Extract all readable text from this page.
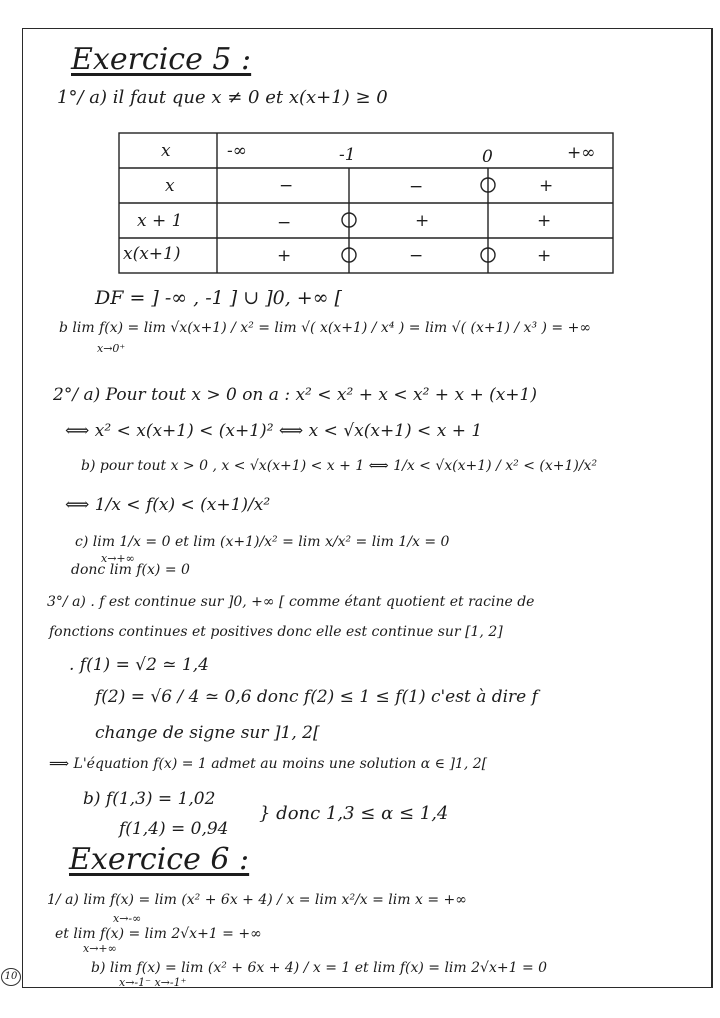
Exercice 5 :
1°/ a) il faut que x ≠ 0 et x(x+1) ≥ 0
x	-∞	-1	0	+∞
x	−	−	+
x + 1	−	+	+
x(x+1)	+	−	+
DF = ] -∞ , -1 ] ∪ ]0, +∞ [
b lim f(x) = lim √x(x+1) / x² = lim √( x(x+1) / x⁴ ) = lim √( (x+1) / x³ ) = +∞
x→0⁺
2°/ a) Pour tout x > 0 on a : x² < x² + x < x² + x + (x+1)
⟺ x² < x(x+1) < (x+1)² ⟺ x < √x(x+1) < x + 1
b) pour tout x > 0 , x < √x(x+1) < x + 1 ⟺ 1/x < √x(x+1) / x² < (x+1)/x²
⟺ 1/x < f(x) < (x+1)/x²
c) lim 1/x = 0 et lim (x+1)/x² = lim x/x² = lim 1/x = 0
x→+∞
donc lim f(x) = 0
3°/ a) . f est continue sur ]0, +∞ [ comme étant quotient et racine de
fonctions continues et positives donc elle est continue sur [1, 2]
. f(1) = √2 ≃ 1,4
f(2) = √6 / 4 ≃ 0,6 donc f(2) ≤ 1 ≤ f(1) c'est à dire f
change de signe sur ]1, 2[
⟹ L'équation f(x) = 1 admet au moins une solution α ∈ ]1, 2[
b) f(1,3) = 1,02
f(1,4) = 0,94
} donc 1,3 ≤ α ≤ 1,4
Exercice 6 :
1/ a) lim f(x) = lim (x² + 6x + 4) / x = lim x²/x = lim x = +∞
x→-∞
et lim f(x) = lim 2√x+1 = +∞
x→+∞
b) lim f(x) = lim (x² + 6x + 4) / x = 1 et lim f(x) = lim 2√x+1 = 0
x→-1⁻ x→-1⁺
10
